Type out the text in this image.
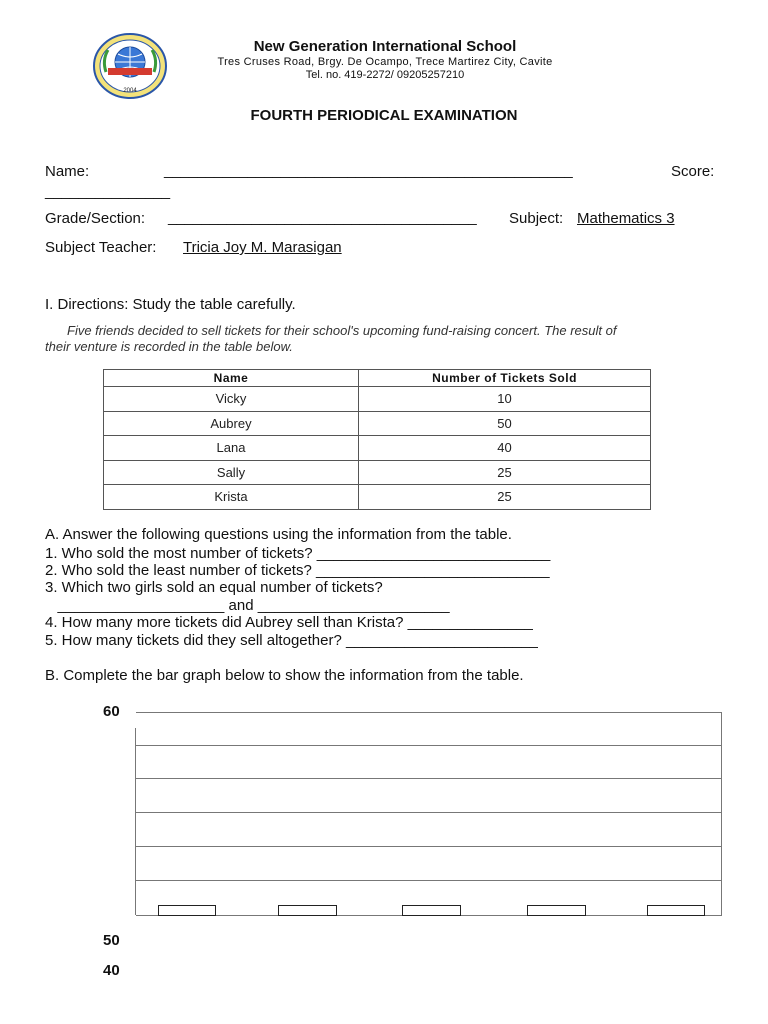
2004
New Generation International School
Tres Cruses Road, Brgy. De Ocampo, Trece Martirez City, Cavite
Tel. no. 419-2272/ 09205257210
FOURTH PERIODICAL EXAMINATION
Name:	_________________________________________________	Score:
_______________
Grade/Section: _____________________________________ Subject: Mathematics 3
Subject Teacher: Tricia Joy M. Marasigan
I. Directions: Study the table carefully.
Five friends decided to sell tickets for their school's upcoming fund-raising concert. The result of
their venture is recorded in the table below.
Name	Number of Tickets Sold
Vicky	10
Aubrey	50
Lana	40
Sally	25
Krista	25
A. Answer the following questions using the information from the table.
1. Who sold the most number of tickets? ____________________________
2. Who sold the least number of tickets? ____________________________
3. Which two girls sold an equal number of tickets?
____________________ and _______________________
4. How many more tickets did Aubrey sell than Krista? _______________
5. How many tickets did they sell altogether? _______________________
B. Complete the bar graph below to show the information from the table.
60
50
40
